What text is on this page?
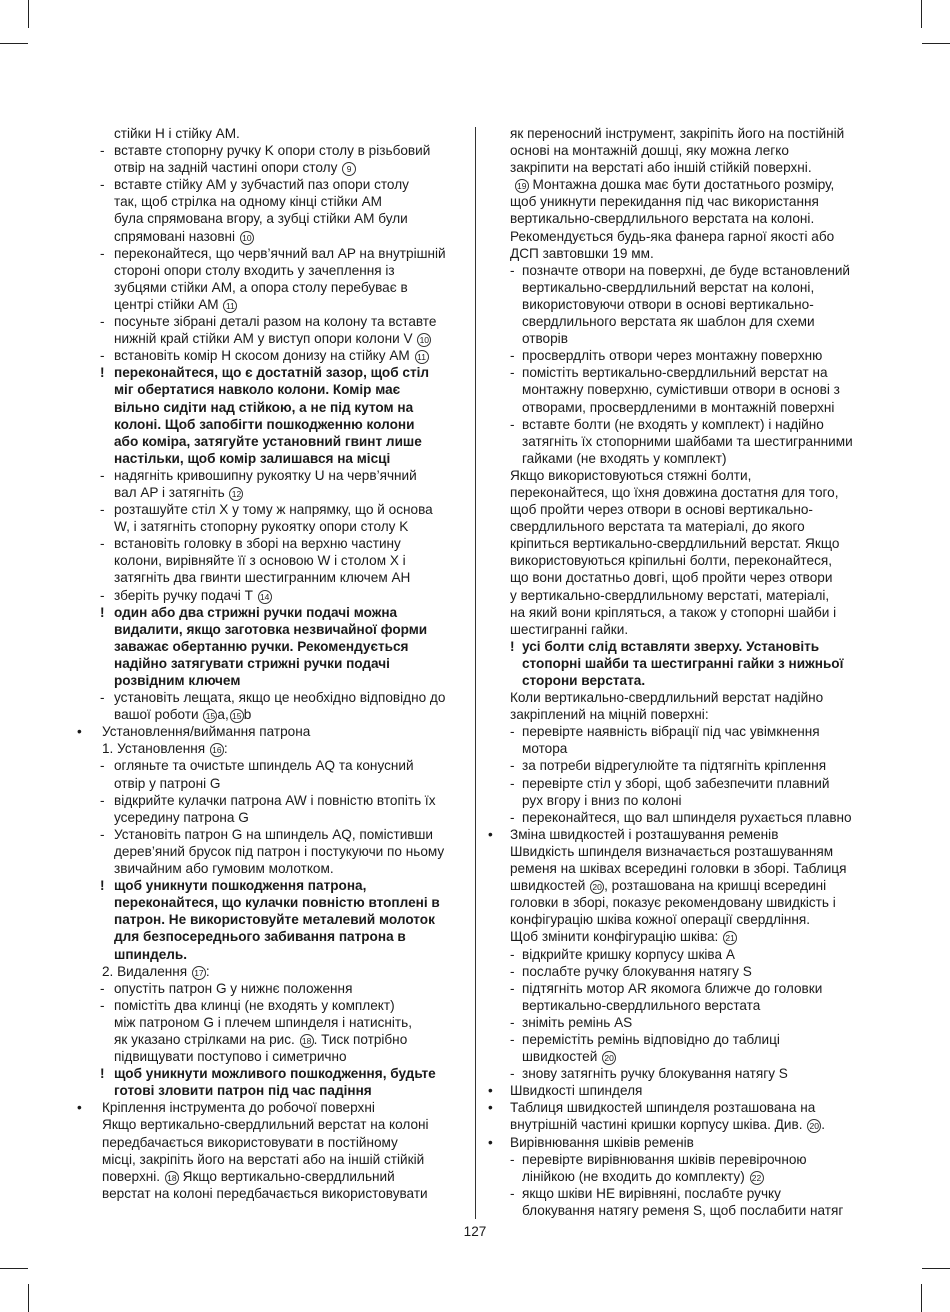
стійки H і стійку AM.
- вставте стопорну ручку K опори столу в різьбовий
отвір на задній частині опори столу 9
- вставте стійку AM у зубчастий паз опори столу
так, щоб стрілка на одному кінці стійки AM
була спрямована вгору, а зубці стійки AM були
спрямовані назовні 10
- переконайтеся, що черв’ячний вал AP на внутрішній
стороні опори столу входить у зачеплення із
зубцями стійки AM, а опора столу перебуває в
центрі стійки AM 11
- посуньте зібрані деталі разом на колону та вставте
нижній край стійки AM у виступ опори колони V 10
- встановіть комір H скосом донизу на стійку AM 11
! переконайтеся, що є достатній зазор, щоб стіл
міг обертатися навколо колони. Комір має
вільно сидіти над стійкою, а не під кутом на
колоні. Щоб запобігти пошкодженню колони
або коміра, затягуйте установний гвинт лише
настільки, щоб комір залишався на місці
- надягніть кривошипну рукоятку U на черв’ячний
вал AP і затягніть 12
- розташуйте стіл X у тому ж напрямку, що й основа
W, і затягніть стопорну рукоятку опори столу K
- встановіть головку в зборі на верхню частину
колони, вирівняйте її з основою W і столом X і
затягніть два гвинти шестигранним ключем AH
- зберіть ручку подачі T 14
! один або два стрижні ручки подачі можна
видалити, якщо заготовка незвичайної форми
заважає обертанню ручки. Рекомендується
надійно затягувати стрижні ручки подачі
розвідним ключем
- установіть лещата, якщо це необхідно відповідно до
вашої роботи 15 a, 15 b
• Установлення/виймання патрона
1. Установлення 16 :
- огляньте та очистьте шпиндель AQ та конусний
отвір у патроні G
- відкрийте кулачки патрона AW і повністю втопіть їх
усередину патрона G
- Установіть патрон G на шпиндель AQ, помістивши
дерев’яний брусок під патрон і постукуючи по ньому
звичайним або гумовим молотком.
! щоб уникнути пошкодження патрона,
переконайтеся, що кулачки повністю втоплені в
патрон. Не використовуйте металевий молоток
для безпосереднього забивання патрона в
шпиндель.
2. Видалення 17 :
- опустіть патрон G у нижнє положення
- помістіть два клинці (не входять у комплект)
між патроном G і плечем шпинделя і натисніть,
як указано стрілками на рис. 18 . Тиск потрібно
підвищувати поступово і симетрично
! щоб уникнути можливого пошкодження, будьте
готові зловити патрон під час падіння
• Кріплення інструмента до робочої поверхні
Якщо вертикально-свердлильний верстат на колоні
передбачається використовувати в постійному
місці, закріпіть його на верстаті або на іншій стійкій
поверхні. 18 Якщо вертикально-свердлильний
верстат на колоні передбачається використовувати
як переносний інструмент, закріпіть його на постійній
основі на монтажній дошці, яку можна легко
закріпити на верстаті або іншій стійкій поверхні.
19 Монтажна дошка має бути достатнього розміру,
щоб уникнути перекидання під час використання
вертикально-свердлильного верстата на колоні.
Рекомендується будь-яка фанера гарної якості або
ДСП завтовшки 19 мм.
- позначте отвори на поверхні, де буде встановлений
вертикально-свердлильний верстат на колоні,
використовуючи отвори в основі вертикально-
свердлильного верстата як шаблон для схеми
отворів
- просвердліть отвори через монтажну поверхню
- помістіть вертикально-свердлильний верстат на
монтажну поверхню, сумістивши отвори в основі з
отворами, просвердленими в монтажній поверхні
- вставте болти (не входять у комплект) і надійно
затягніть їх стопорними шайбами та шестигранними
гайками (не входять у комплект)
Якщо використовуються стяжні болти,
переконайтеся, що їхня довжина достатня для того,
щоб пройти через отвори в основі вертикально-
свердлильного верстата та матеріалі, до якого
кріпиться вертикально-свердлильний верстат. Якщо
використовуються кріпильні болти, переконайтеся,
що вони достатньо довгі, щоб пройти через отвори
у вертикально-свердлильному верстаті, матеріалі,
на який вони кріпляться, а також у стопорні шайби і
шестигранні гайки.
! усі болти слід вставляти зверху. Установіть
стопорні шайби та шестигранні гайки з нижньої
сторони верстата.
Коли вертикально-свердлильний верстат надійно
закріплений на міцній поверхні:
- перевірте наявність вібрації під час увімкнення
мотора
- за потреби відрегулюйте та підтягніть кріплення
- перевірте стіл у зборі, щоб забезпечити плавний
рух вгору і вниз по колоні
- переконайтеся, що вал шпинделя рухається плавно
• Зміна швидкостей і розташування ременів
Швидкість шпинделя визначається розташуванням
ременя на шківах всередині головки в зборі. Таблиця
швидкостей 20 , розташована на кришці всередині
головки в зборі, показує рекомендовану швидкість і
конфігурацію шківа кожної операції свердління.
Щоб змінити конфігурацію шківа: 21
- відкрийте кришку корпусу шківа A
- послабте ручку блокування натягу S
- підтягніть мотор AR якомога ближче до головки
вертикально-свердлильного верстата
- зніміть ремінь AS
- перемістіть ремінь відповідно до таблиці
швидкостей 20
- знову затягніть ручку блокування натягу S
• Швидкості шпинделя
• Таблиця швидкостей шпинделя розташована на
внутрішній частині кришки корпусу шківа. Див. 20 .
• Вирівнювання шківів ременів
- перевірте вирівнювання шківів перевірочною
лінійкою (не входить до комплекту) 22
- якщо шківи НЕ вирівняні, послабте ручку
блокування натягу ременя S, щоб послабити натяг
127
